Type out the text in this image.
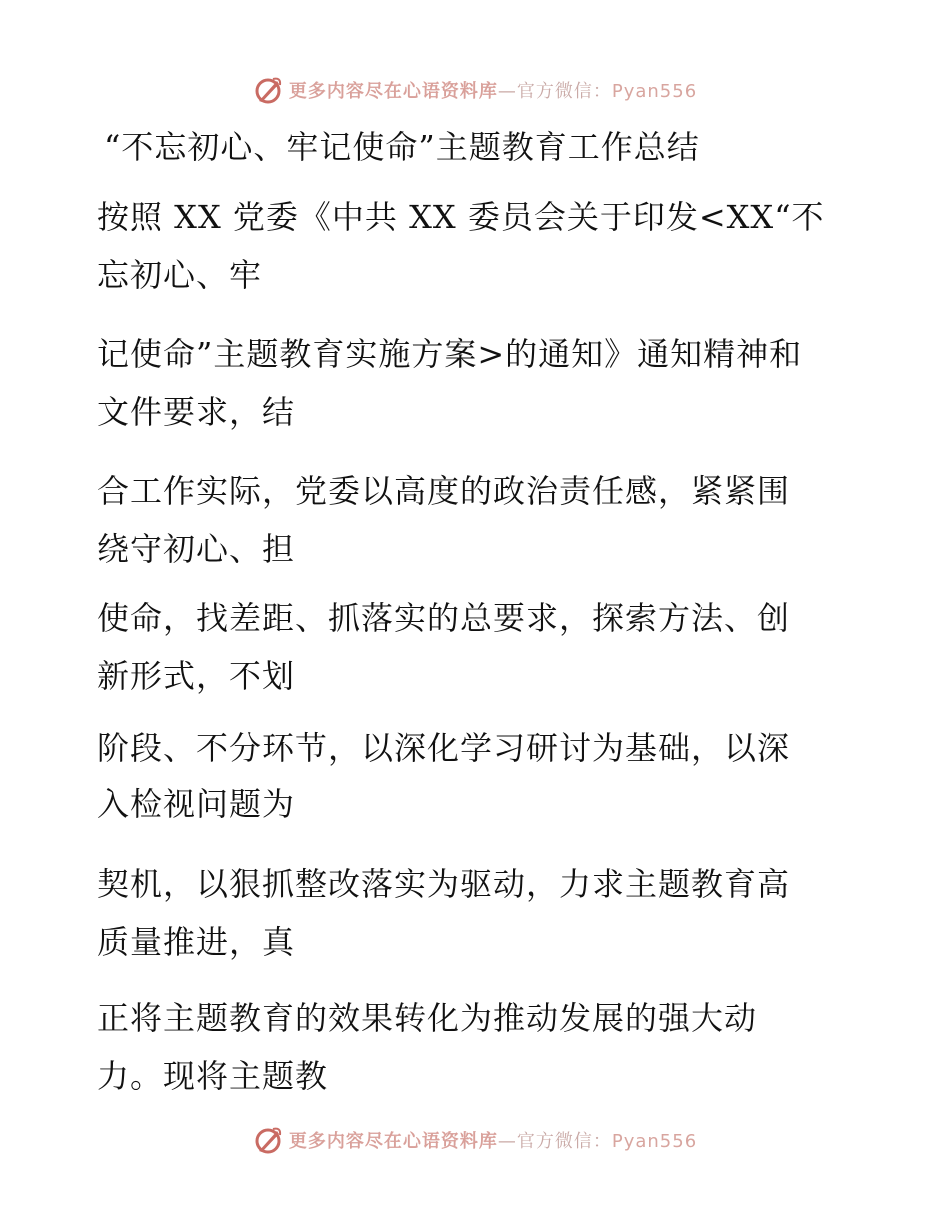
更多内容尽在心语资料库—官方微信：Pyan556
“不忘初心、牢记使命”主题教育工作总结
按照 XX 党委《中共 XX 委员会关于印发<XX“不
忘初心、牢
记使命”主题教育实施方案>的通知》通知精神和
文件要求，结
合工作实际，党委以高度的政治责任感，紧紧围
绕守初心、担
使命，找差距、抓落实的总要求，探索方法、创
新形式，不划
阶段、不分环节，以深化学习研讨为基础，以深
入检视问题为
契机，以狠抓整改落实为驱动，力求主题教育高
质量推进，真
正将主题教育的效果转化为推动发展的强大动
力。现将主题教
更多内容尽在心语资料库—官方微信：Pyan556
